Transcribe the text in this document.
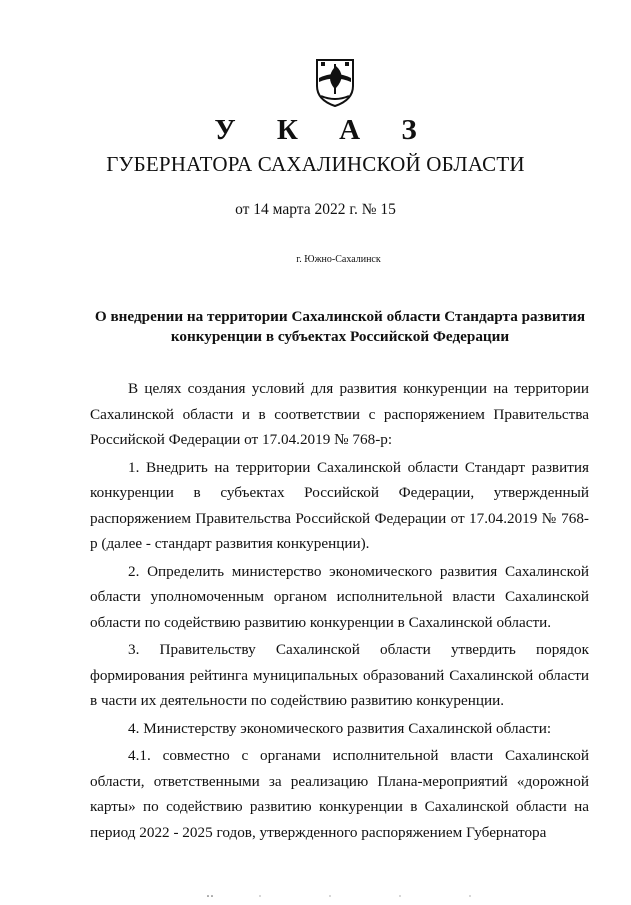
У К А З
ГУБЕРНАТОРА САХАЛИНСКОЙ ОБЛАСТИ
от 14 марта 2022 г. № 15
г. Южно-Сахалинск
О внедрении на территории Сахалинской области Стандарта развития конкуренции в субъектах Российской Федерации

В целях создания условий для развития конкуренции на территории Сахалинской области и в соответствии с распоряжением Правительства Российской Федерации от 17.04.2019 № 768-р:

1. Внедрить на территории Сахалинской области Стандарт развития конкуренции в субъектах Российской Федерации, утвержденный распоряжением Правительства Российской Федерации от 17.04.2019 № 768-р (далее - стандарт развития конкуренции).

2. Определить министерство экономического развития Сахалинской области уполномоченным органом исполнительной власти Сахалинской области по содействию развитию конкуренции в Сахалинской области.

3. Правительству Сахалинской области утвердить порядок формирования рейтинга муниципальных образований Сахалинской области в части их деятельности по содействию развитию конкуренции.

4. Министерству экономического развития Сахалинской области:

4.1. совместно с органами исполнительной власти Сахалинской области, ответственными за реализацию Плана-мероприятий «дорожной карты» по содействию развитию конкуренции в Сахалинской области на период 2022 - 2025 годов, утвержденного распоряжением Губернатора
